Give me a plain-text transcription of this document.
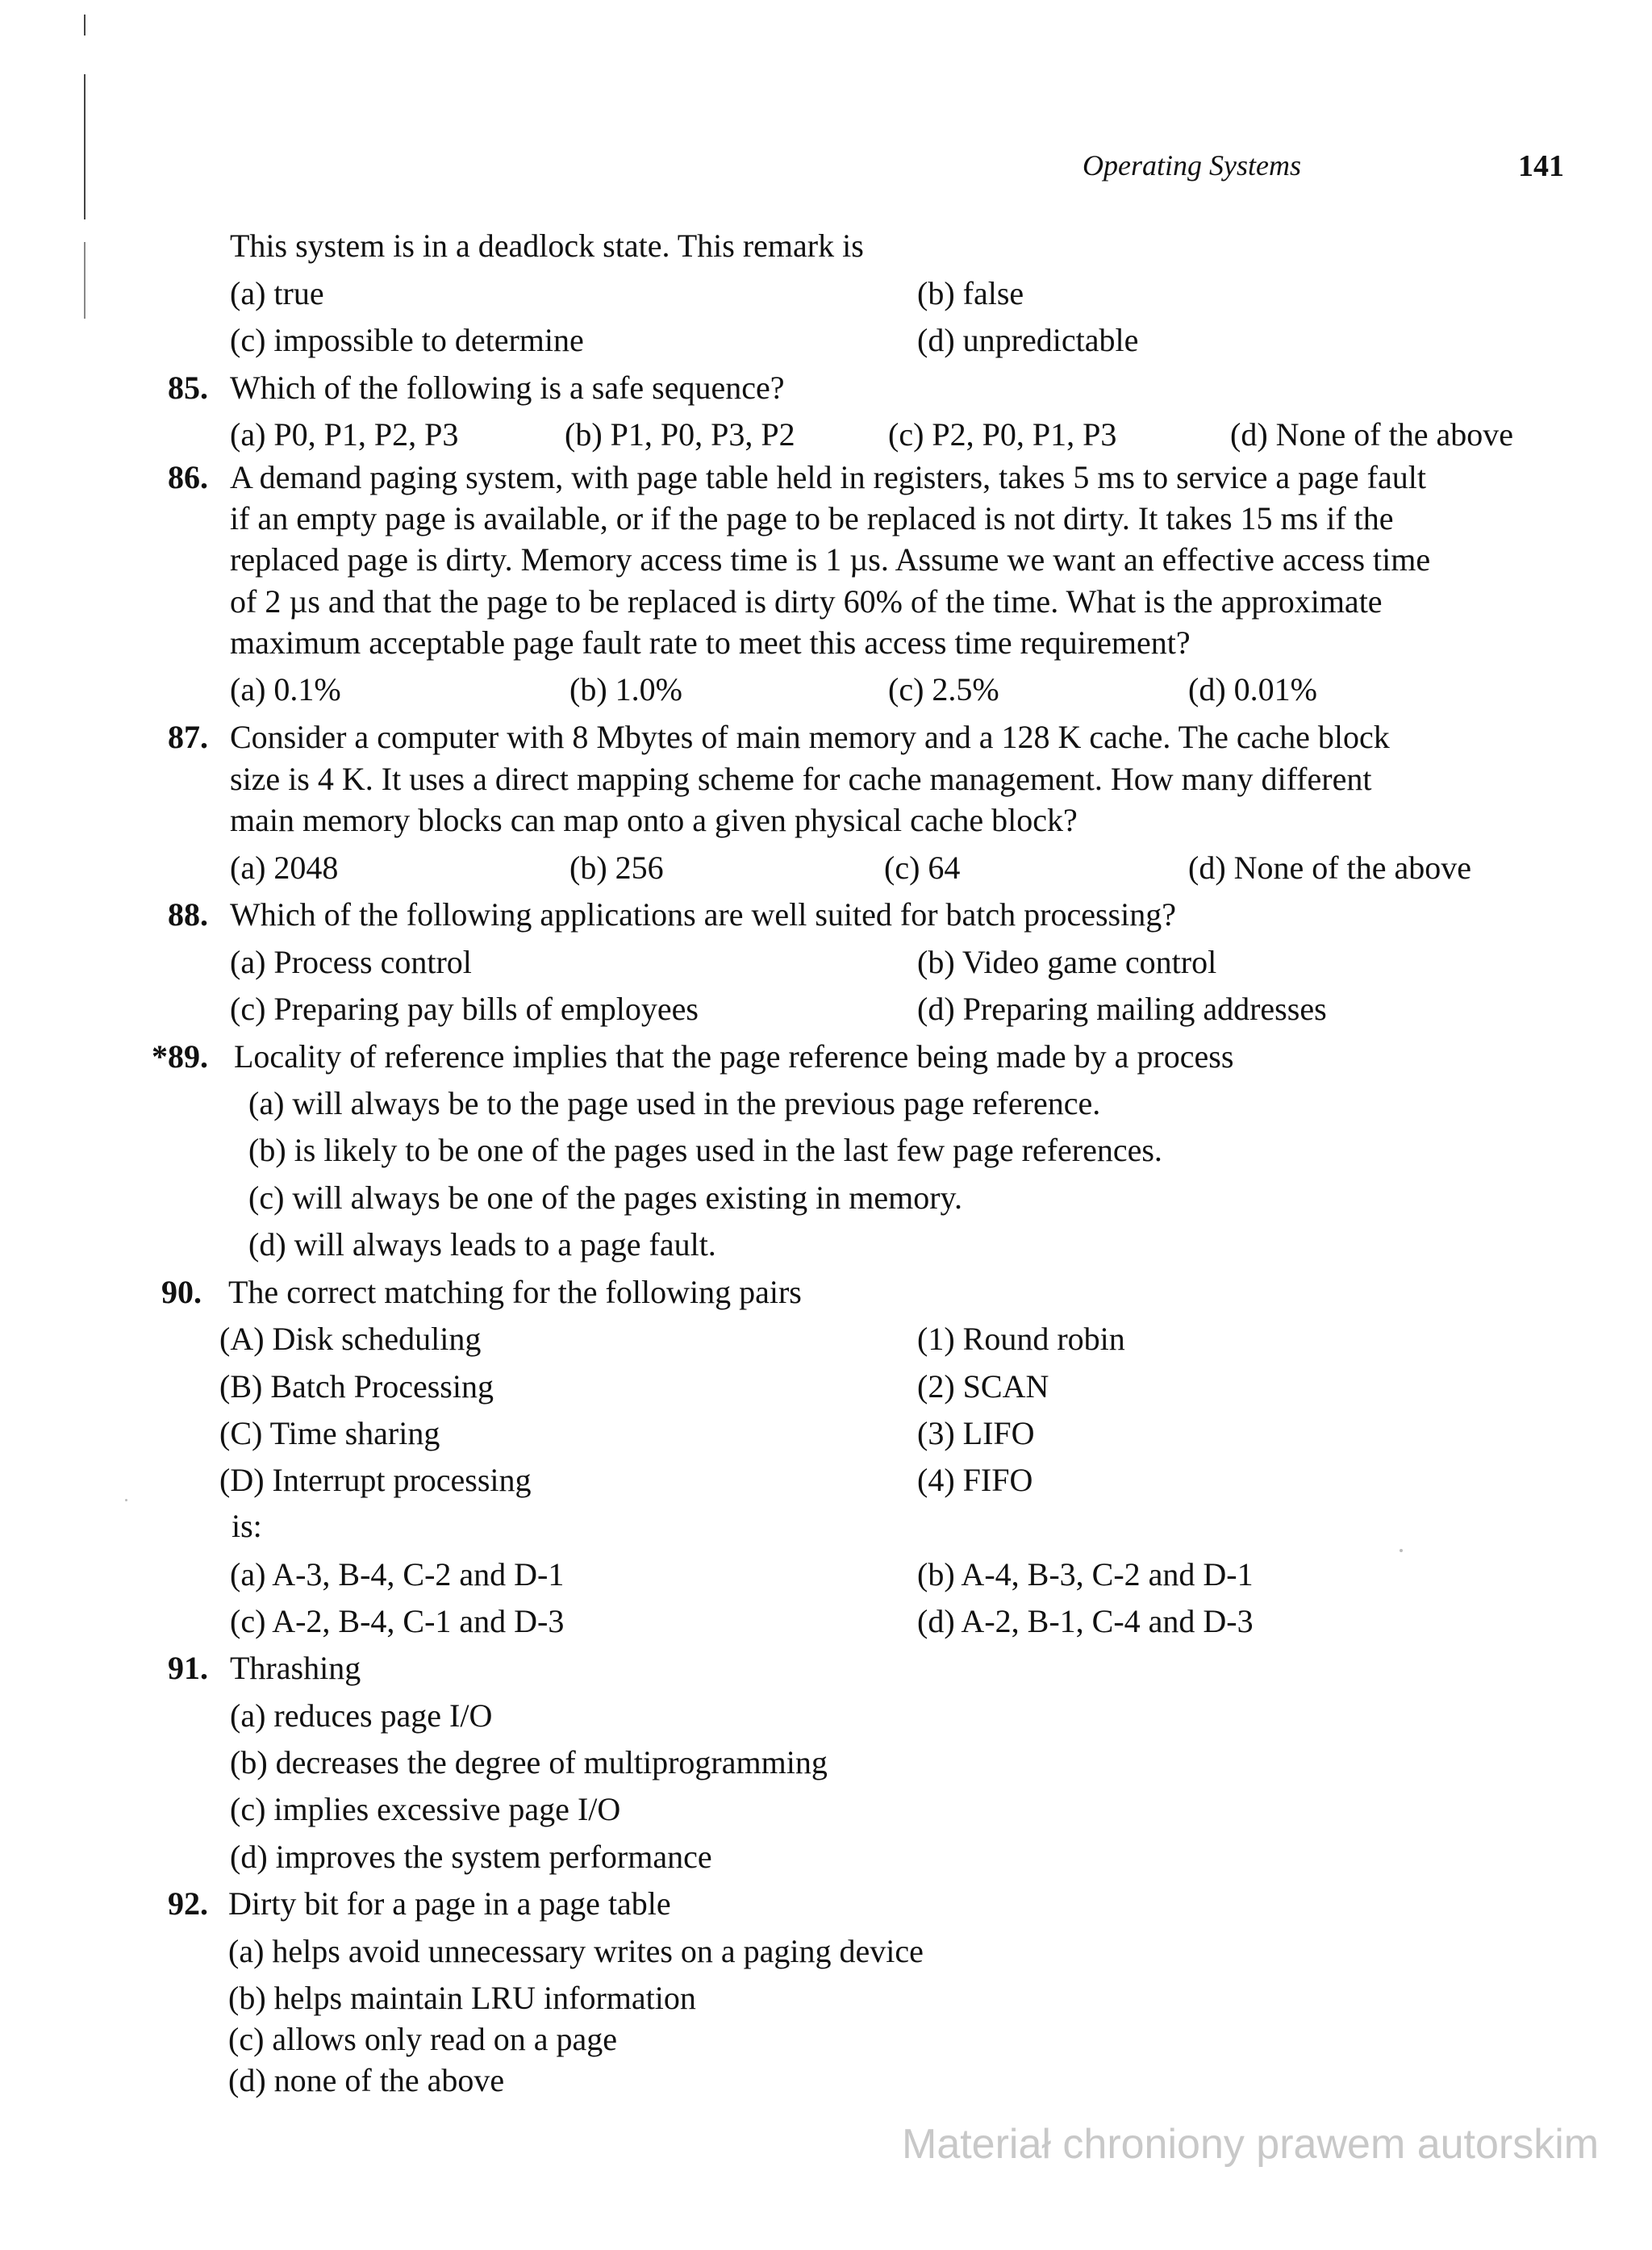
Operating Systems	141
This system is in a deadlock state. This remark is
(a) true	(b) false
(c) impossible to determine	(d) unpredictable
85. Which of the following is a safe sequence?
(a) P0, P1, P2, P3	(b) P1, P0, P3, P2	(c) P2, P0, P1, P3	(d) None of the above
86. A demand paging system, with page table held in registers, takes 5 ms to service a page fault
if an empty page is available, or if the page to be replaced is not dirty. It takes 15 ms if the
replaced page is dirty. Memory access time is 1 µs. Assume we want an effective access time
of 2 µs and that the page to be replaced is dirty 60% of the time. What is the approximate
maximum acceptable page fault rate to meet this access time requirement?
(a) 0.1%	(b) 1.0%	(c) 2.5%	(d) 0.01%
87. Consider a computer with 8 Mbytes of main memory and a 128 K cache. The cache block
size is 4 K. It uses a direct mapping scheme for cache management. How many different
main memory blocks can map onto a given physical cache block?
(a) 2048	(b) 256	(c) 64	(d) None of the above
88. Which of the following applications are well suited for batch processing?
(a) Process control	(b) Video game control
(c) Preparing pay bills of employees	(d) Preparing mailing addresses
*89. Locality of reference implies that the page reference being made by a process
(a) will always be to the page used in the previous page reference.
(b) is likely to be one of the pages used in the last few page references.
(c) will always be one of the pages existing in memory.
(d) will always leads to a page fault.
90. The correct matching for the following pairs
(A) Disk scheduling	(1) Round robin
(B) Batch Processing	(2) SCAN
(C) Time sharing	(3) LIFO
(D) Interrupt processing	(4) FIFO
is:
(a) A-3, B-4, C-2 and D-1	(b) A-4, B-3, C-2 and D-1
(c) A-2, B-4, C-1 and D-3	(d) A-2, B-1, C-4 and D-3
91. Thrashing
(a) reduces page I/O
(b) decreases the degree of multiprogramming
(c) implies excessive page I/O
(d) improves the system performance
92. Dirty bit for a page in a page table
(a) helps avoid unnecessary writes on a paging device
(b) helps maintain LRU information
(c) allows only read on a page
(d) none of the above
Materiał chroniony prawem autorskim
